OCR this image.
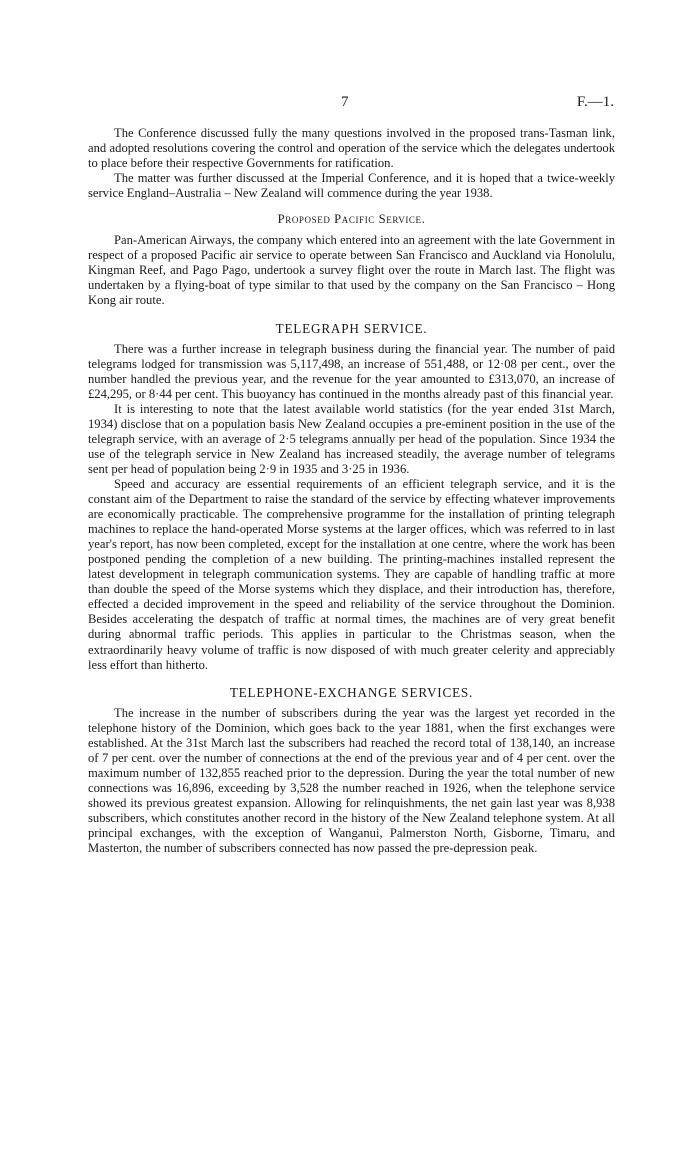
7	F.—1.

The Conference discussed fully the many questions involved in the proposed trans-Tasman link, and adopted resolutions covering the control and operation of the service which the delegates undertook to place before their respective Governments for ratification.

The matter was further discussed at the Imperial Conference, and it is hoped that a twice-weekly service England–Australia – New Zealand will commence during the year 1938.

Proposed Pacific Service.

Pan-American Airways, the company which entered into an agreement with the late Government in respect of a proposed Pacific air service to operate between San Francisco and Auckland via Honolulu, Kingman Reef, and Pago Pago, undertook a survey flight over the route in March last. The flight was undertaken by a flying-boat of type similar to that used by the company on the San Francisco – Hong Kong air route.

TELEGRAPH SERVICE.

There was a further increase in telegraph business during the financial year. The number of paid telegrams lodged for transmission was 5,117,498, an increase of 551,488, or 12·08 per cent., over the number handled the previous year, and the revenue for the year amounted to £313,070, an increase of £24,295, or 8·44 per cent. This buoyancy has continued in the months already past of this financial year.

It is interesting to note that the latest available world statistics (for the year ended 31st March, 1934) disclose that on a population basis New Zealand occupies a pre-eminent position in the use of the telegraph service, with an average of 2·5 telegrams annually per head of the population. Since 1934 the use of the telegraph service in New Zealand has increased steadily, the average number of telegrams sent per head of population being 2·9 in 1935 and 3·25 in 1936.

Speed and accuracy are essential requirements of an efficient telegraph service, and it is the constant aim of the Department to raise the standard of the service by effecting whatever improvements are economically practicable. The comprehensive programme for the installation of printing telegraph machines to replace the hand-operated Morse systems at the larger offices, which was referred to in last year's report, has now been completed, except for the installation at one centre, where the work has been postponed pending the completion of a new building. The printing-machines installed represent the latest development in telegraph communication systems. They are capable of handling traffic at more than double the speed of the Morse systems which they displace, and their introduction has, therefore, effected a decided improvement in the speed and reliability of the service throughout the Dominion. Besides accelerating the despatch of traffic at normal times, the machines are of very great benefit during abnormal traffic periods. This applies in particular to the Christmas season, when the extraordinarily heavy volume of traffic is now disposed of with much greater celerity and appreciably less effort than hitherto.

TELEPHONE-EXCHANGE SERVICES.

The increase in the number of subscribers during the year was the largest yet recorded in the telephone history of the Dominion, which goes back to the year 1881, when the first exchanges were established. At the 31st March last the subscribers had reached the record total of 138,140, an increase of 7 per cent. over the number of connections at the end of the previous year and of 4 per cent. over the maximum number of 132,855 reached prior to the depression. During the year the total number of new connections was 16,896, exceeding by 3,528 the number reached in 1926, when the telephone service showed its previous greatest expansion. Allowing for relinquishments, the net gain last year was 8,938 subscribers, which constitutes another record in the history of the New Zealand telephone system. At all principal exchanges, with the exception of Wanganui, Palmerston North, Gisborne, Timaru, and Masterton, the number of subscribers connected has now passed the pre-depression peak.
